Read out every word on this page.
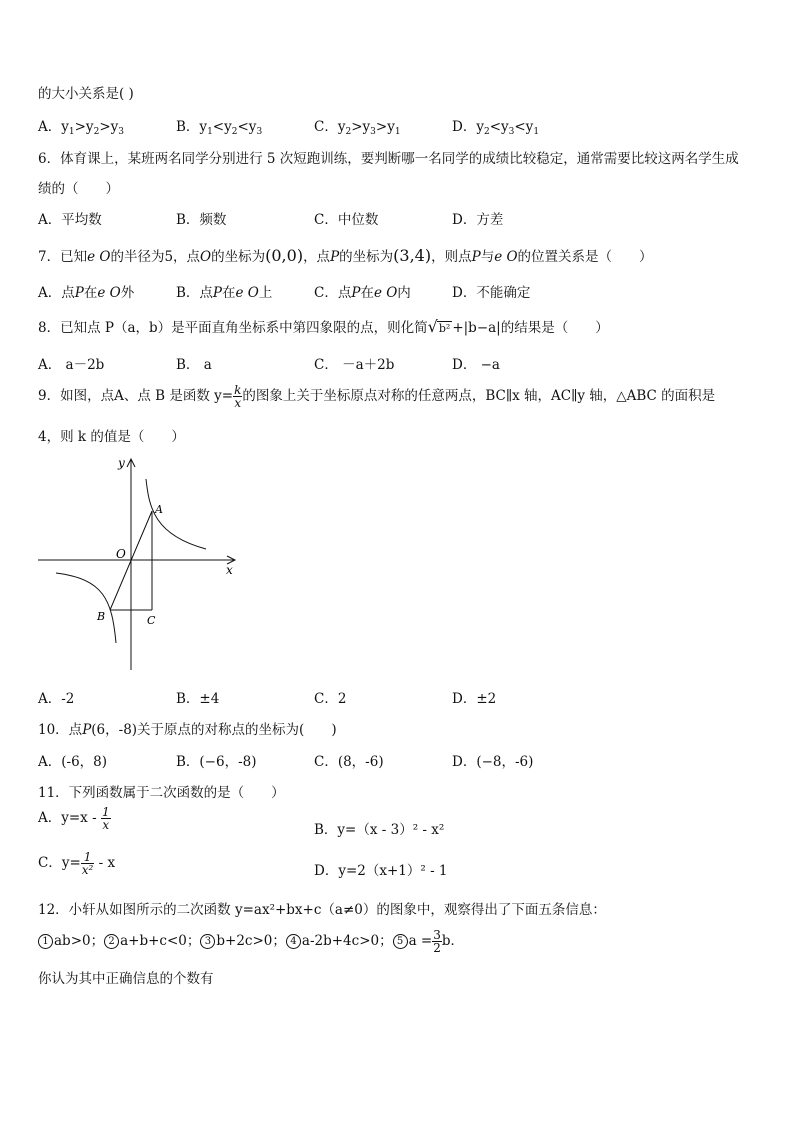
的大小关系是( )
A．$y_1>y_2>y_3$	B．$y_1<y_2<y_3$	C．$y_2>y_3>y_1$	D．$y_2<y_3<y_1$
6．体育课上，某班两名同学分别进行 5 次短跑训练，要判断哪一名同学的成绩比较稳定，通常需要比较这两名学生成
绩的（　　）
A．平均数	B．频数	C．中位数	D．方差
7．已知e O的半径为5，点O的坐标为(0,0)，点P的坐标为(3,4)，则点P与e O的位置关系是（　　）
A．点P在e O外	B．点P在e O上	C．点P在e O内	D．不能确定
8．已知点 P（a，b）是平面直角坐标系中第四象限的点，则化简√b² +|b−a|的结果是（　　）
A． a－2b	B． a	C． －a＋2b	D． −a
9．如图，点A、点 B 是函数 $y= \frac{k}{x}$ 的图象上关于坐标原点对称的任意两点，BC∥x 轴，AC∥y 轴，△ABC 的面积是
4，则 k 的值是（　　）
y
x
O
A
B	C
A．-2	B．±4	C．2	D．±2
10．点P(6，-8)关于原点的对称点的坐标为(　　)
A．(-6，8)	B．(−6，-8)	C．(8，-6)	D．(−8，-6)
11．下列函数属于二次函数的是（　　）
A．$y=x - \frac{1}{x}$	B．y=（x - 3）² - x²
C．$y= \frac{1}{\text{x²}} - x$	D．y=2（x+1）² - 1
12．小轩从如图所示的二次函数 y=ax²+bx+c（a≠0）的图象中，观察得出了下面五条信息：
1 ab>0； 2 a+b+c<0； 3 b+2c>0； 4 a-2b+4c>0； 5 $a = \frac{3}{2}$ b．
你认为其中正确信息的个数有
